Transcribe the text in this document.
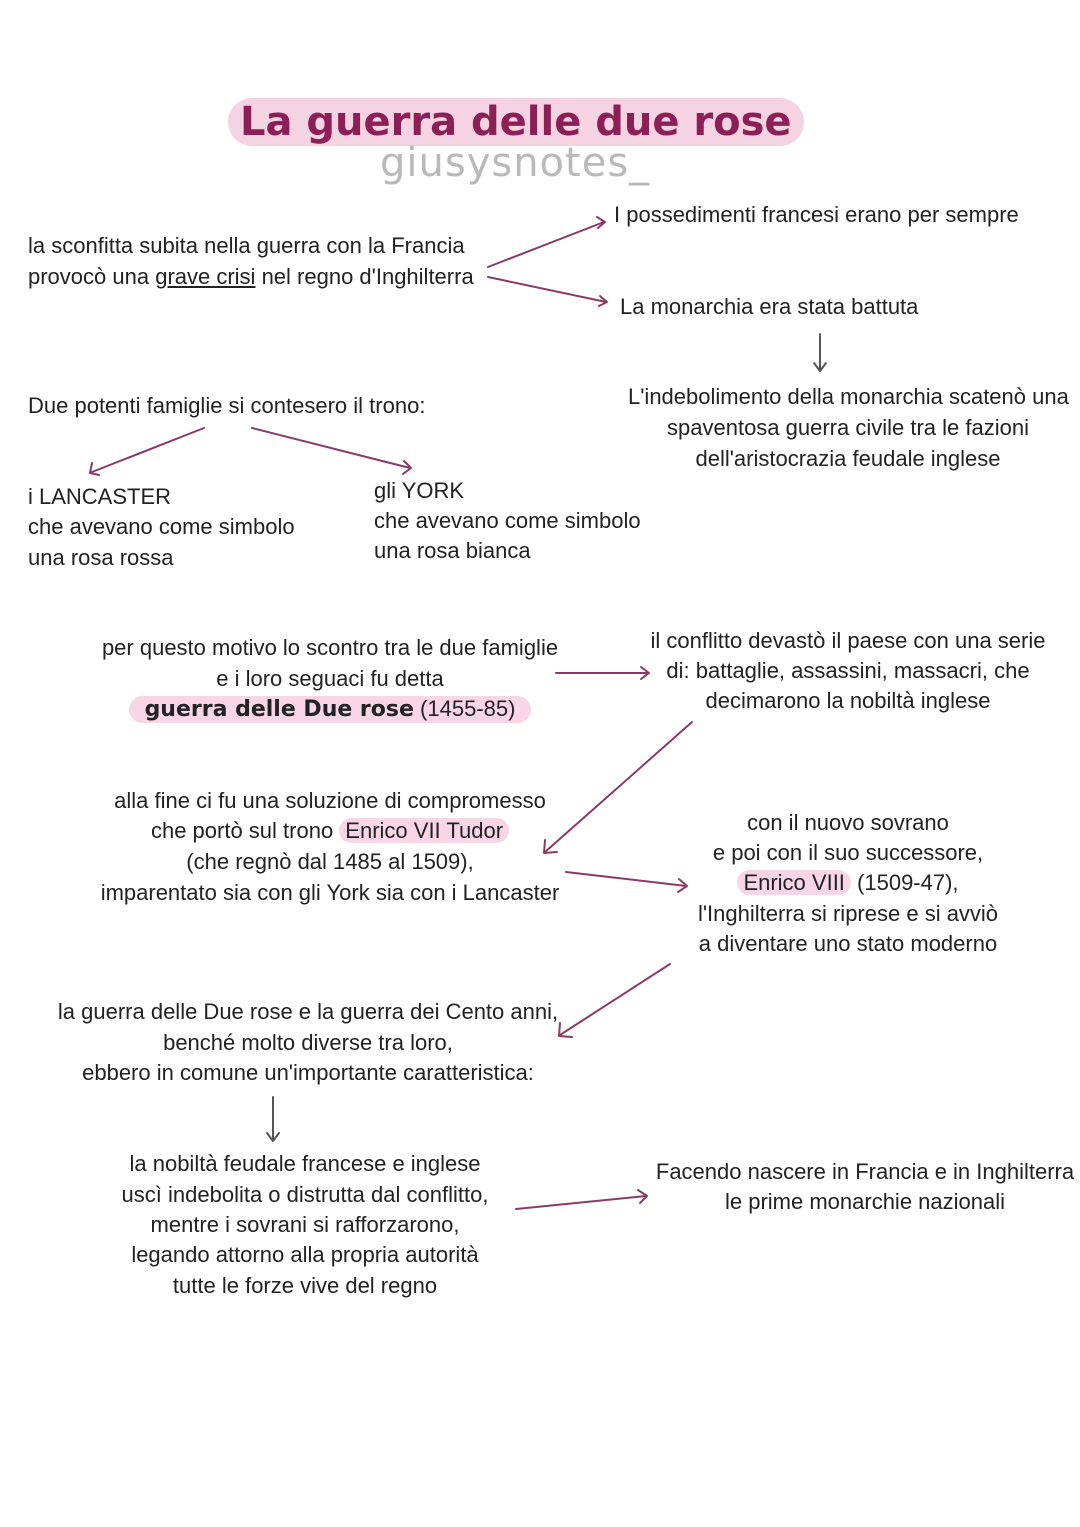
La guerra delle due rose
giusysnotes_
la sconfitta subita nella guerra con la Francia
provocò una grave crisi nel regno d'Inghilterra
I possedimenti francesi erano per sempre
La monarchia era stata battuta
L'indebolimento della monarchia scatenò una
spaventosa guerra civile tra le fazioni
dell'aristocrazia feudale inglese
Due potenti famiglie si contesero il trono:
i LANCASTER
che avevano come simbolo
una rosa rossa
gli YORK
che avevano come simbolo
una rosa bianca
per questo motivo lo scontro tra le due famiglie
e i loro seguaci fu detta
guerra delle Due rose (1455-85)
il conflitto devastò il paese con una serie
di: battaglie, assassini, massacri, che
decimarono la nobiltà inglese
alla fine ci fu una soluzione di compromesso
che portò sul trono Enrico VII Tudor
(che regnò dal 1485 al 1509),
imparentato sia con gli York sia con i Lancaster
con il nuovo sovrano
e poi con il suo successore,
Enrico VIII (1509-47),
l'Inghilterra si riprese e si avviò
a diventare uno stato moderno
la guerra delle Due rose e la guerra dei Cento anni,
benché molto diverse tra loro,
ebbero in comune un'importante caratteristica:
la nobiltà feudale francese e inglese
uscì indebolita o distrutta dal conflitto,
mentre i sovrani si rafforzarono,
legando attorno alla propria autorità
tutte le forze vive del regno
Facendo nascere in Francia e in Inghilterra
le prime monarchie nazionali
